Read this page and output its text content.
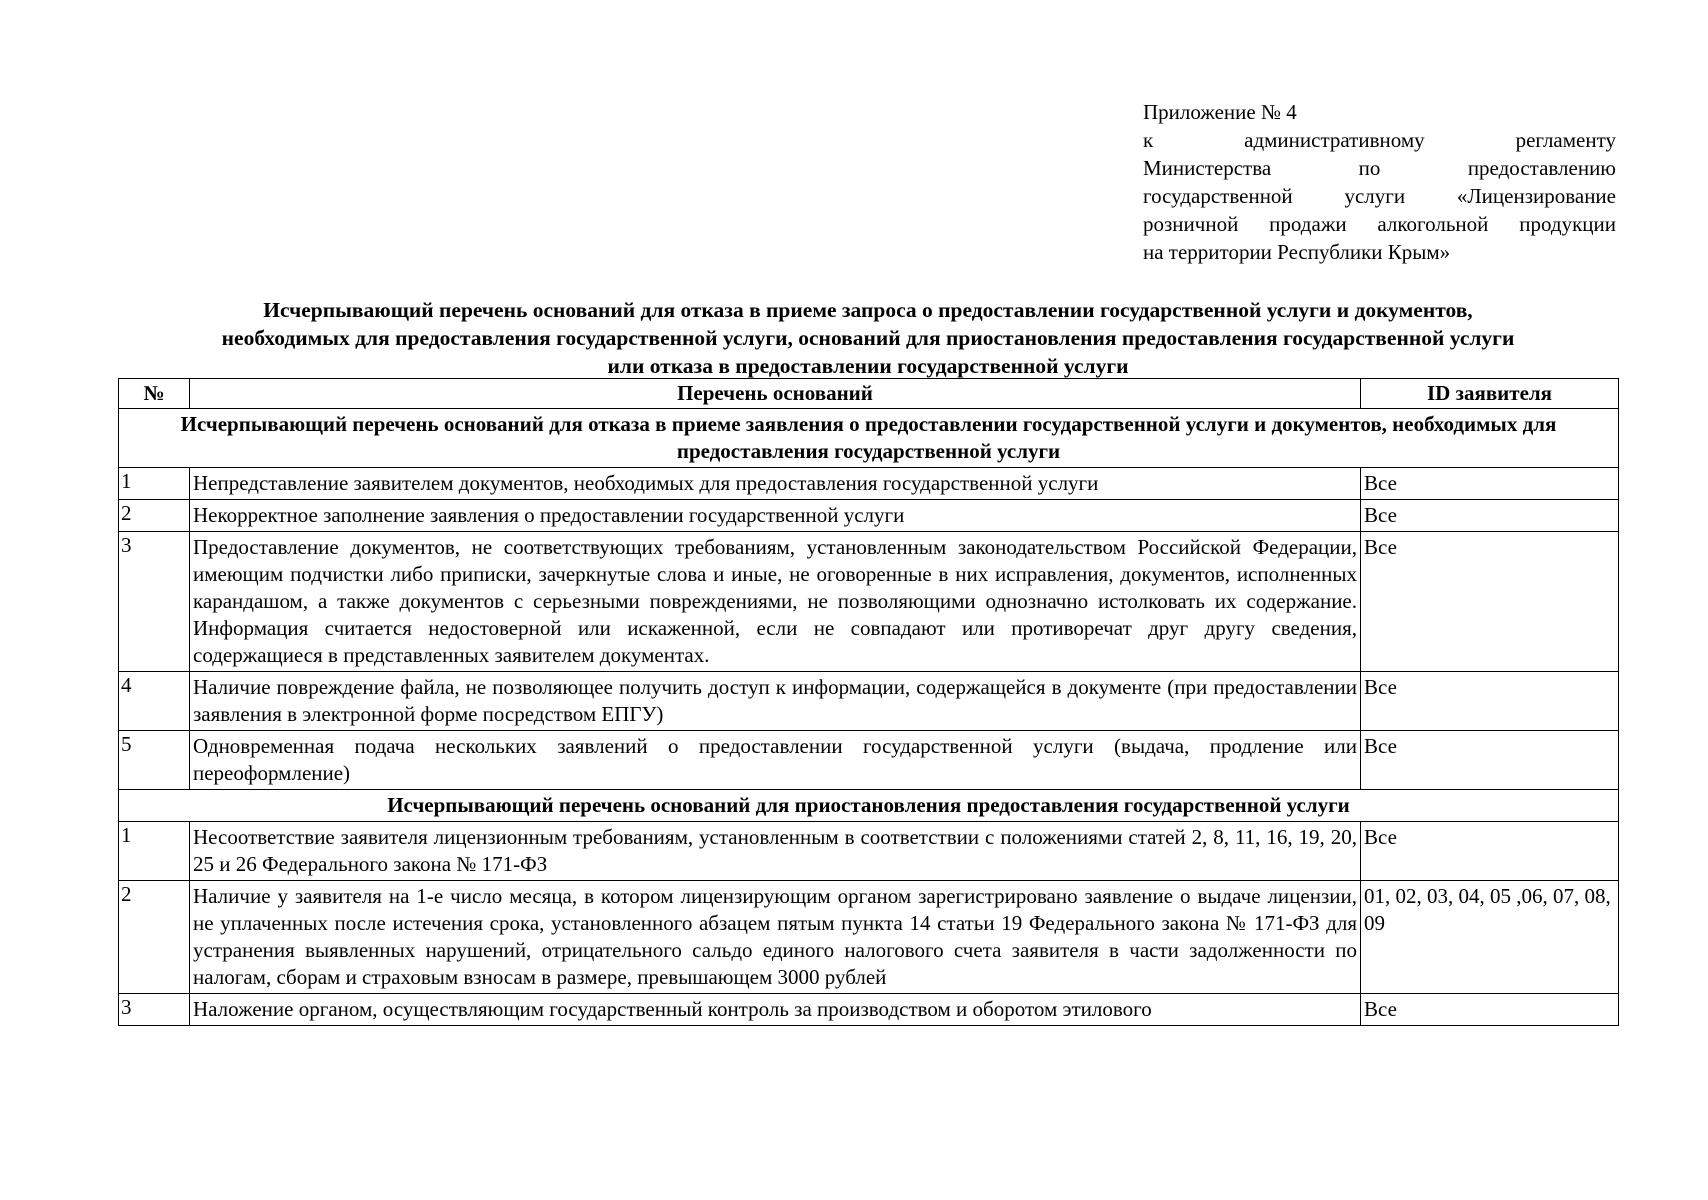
Приложение № 4
к административному регламенту
Министерства по предоставлению
государственной услуги «Лицензирование
розничной продажи алкогольной продукции
на территории Республики Крым»
Исчерпывающий перечень оснований для отказа в приеме запроса о предоставлении государственной услуги и документов,
необходимых для предоставления государственной услуги, оснований для приостановления предоставления государственной услуги
или отказа в предоставлении государственной услуги
№	Перечень оснований	ID заявителя
Исчерпывающий перечень оснований для отказа в приеме заявления о предоставлении государственной услуги и документов, необходимых для предоставления государственной услуги		
1	Непредставление заявителем документов, необходимых для предоставления государственной услуги	Все
2	Некорректное заполнение заявления о предоставлении государственной услуги	Все
3	Предоставление документов, не соответствующих требованиям, установленным законодательством Российской Федерации, имеющим подчистки либо приписки, зачеркнутые слова и иные, не оговоренные в них исправления, документов, исполненных карандашом, а также документов с серьезными повреждениями, не позволяющими однозначно истолковать их содержание. Информация считается недостоверной или искаженной, если не совпадают или противоречат друг другу сведения, содержащиеся в представленных заявителем документах.	Все
4	Наличие повреждение файла, не позволяющее получить доступ к информации, содержащейся в документе (при предоставлении заявления в электронной форме посредством ЕПГУ)	Все
5	Одновременная подача нескольких заявлений о предоставлении государственной услуги (выдача, продление или переоформление)	Все
Исчерпывающий перечень оснований для приостановления предоставления государственной услуги		
1	Несоответствие заявителя лицензионным требованиям, установленным в соответствии с положениями статей 2, 8, 11, 16, 19, 20, 25 и 26 Федерального закона № 171-ФЗ	Все
2	Наличие у заявителя на 1-е число месяца, в котором лицензирующим органом зарегистрировано заявление о выдаче лицензии, не уплаченных после истечения срока, установленного абзацем пятым пункта 14 статьи 19 Федерального закона № 171-ФЗ для устранения выявленных нарушений, отрицательного сальдо единого налогового счета заявителя в части задолженности по налогам, сборам и страховым взносам в размере, превышающем 3000 рублей	01, 02, 03, 04, 05 ,06, 07, 08, 09
3	Наложение органом, осуществляющим государственный контроль за производством и оборотом этилового	Все
